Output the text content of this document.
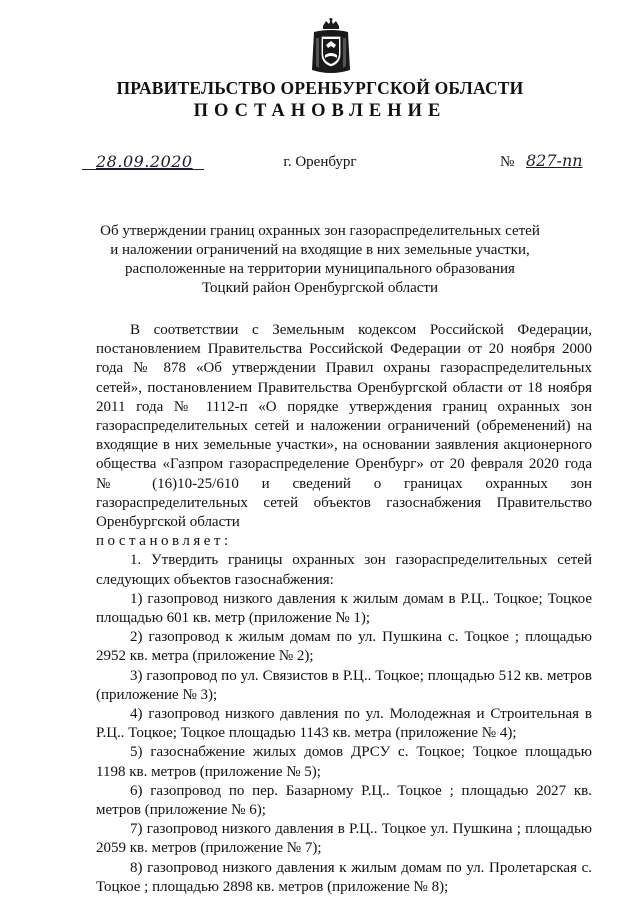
ПРАВИТЕЛЬСТВО ОРЕНБУРГСКОЙ ОБЛАСТИ
ПОСТАНОВЛЕНИЕ
28.09.2020	г. Оренбург	№ 827-пп
Об утверждении границ охранных зон газораспределительных сетей и наложении ограничений на входящие в них земельные участки, расположенные на территории муниципального образования Тоцкий район Оренбургской области

В соответствии с Земельным кодексом Российской Федерации, постановлением Правительства Российской Федерации от 20 ноября 2000 года № 878 «Об утверждении Правил охраны газораспределительных сетей», постановлением Правительства Оренбургской области от 18 ноября 2011 года № 1112-п «О порядке утверждения границ охранных зон газораспределительных сетей и наложении ограничений (обременений) на входящие в них земельные участки», на основании заявления акционерного общества «Газпром газораспределение Оренбург» от 20 февраля 2020 года № (16)10-25/610 и сведений о границах охранных зон газораспределительных сетей объектов газоснабжения Правительство Оренбургской области

постановляет:

1. Утвердить границы охранных зон газораспределительных сетей следующих объектов газоснабжения:

1) газопровод низкого давления к жилым домам в Р.Ц.. Тоцкое; Тоцкое площадью 601 кв. метр (приложение № 1);

2) газопровод к жилым домам по ул. Пушкина с. Тоцкое ; площадью 2952 кв. метра (приложение № 2);

3) газопровод по ул. Связистов в Р.Ц.. Тоцкое; площадью 512 кв. метров (приложение № 3);

4) газопровод низкого давления по ул. Молодежная и Строительная в Р.Ц.. Тоцкое; Тоцкое площадью 1143 кв. метра (приложение № 4);

5) газоснабжение жилых домов ДРСУ с. Тоцкое; Тоцкое площадью 1198 кв. метров (приложение № 5);

6) газопровод по пер. Базарному Р.Ц.. Тоцкое ; площадью 2027 кв. метров (приложение № 6);

7) газопровод низкого давления в Р.Ц.. Тоцкое ул. Пушкина ; площадью 2059 кв. метров (приложение № 7);

8) газопровод низкого давления к жилым домам по ул. Пролетарская с. Тоцкое ; площадью 2898 кв. метров (приложение № 8);
